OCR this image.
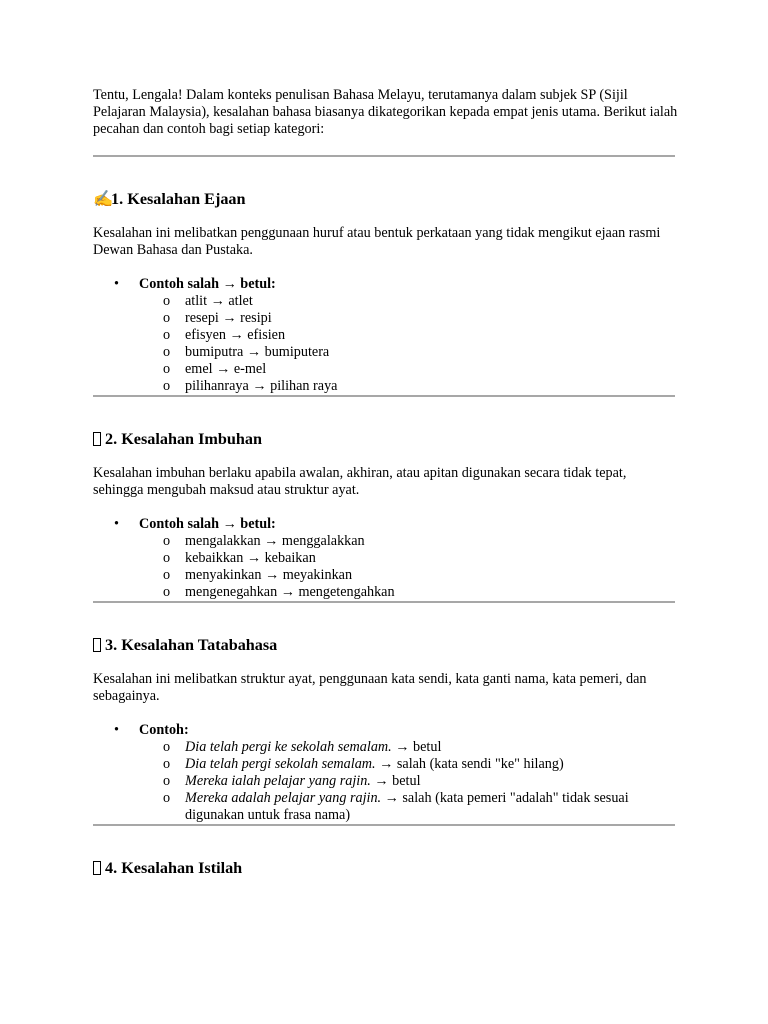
Tentu, Lengala! Dalam konteks penulisan Bahasa Melayu, terutamanya dalam subjek SP (Sijil Pelajaran Malaysia), kesalahan bahasa biasanya dikategorikan kepada empat jenis utama. Berikut ialah pecahan dan contoh bagi setiap kategori:

✍ 1. Kesalahan Ejaan

Kesalahan ini melibatkan penggunaan huruf atau bentuk perkataan yang tidak mengikut ejaan rasmi Dewan Bahasa dan Pustaka.

• Contoh salah → betul:
o atlit → atlet
o resepi → resipi
o efisyen → efisien
o bumiputra → bumiputera
o emel → e-mel
o pilihanraya → pilihan raya
2. Kesalahan Imbuhan

Kesalahan imbuhan berlaku apabila awalan, akhiran, atau apitan digunakan secara tidak tepat, sehingga mengubah maksud atau struktur ayat.

• Contoh salah → betul:
o mengalakkan → menggalakkan
o kebaikkan → kebaikan
o menyakinkan → meyakinkan
o mengenegahkan → mengetengahkan
3. Kesalahan Tatabahasa

Kesalahan ini melibatkan struktur ayat, penggunaan kata sendi, kata ganti nama, kata pemeri, dan sebagainya.

• Contoh:
o Dia telah pergi ke sekolah semalam. → betul
o Dia telah pergi sekolah semalam. → salah (kata sendi "ke" hilang)
o Mereka ialah pelajar yang rajin. → betul
o Mereka adalah pelajar yang rajin. → salah (kata pemeri "adalah" tidak sesuai digunakan untuk frasa nama)
4. Kesalahan Istilah
